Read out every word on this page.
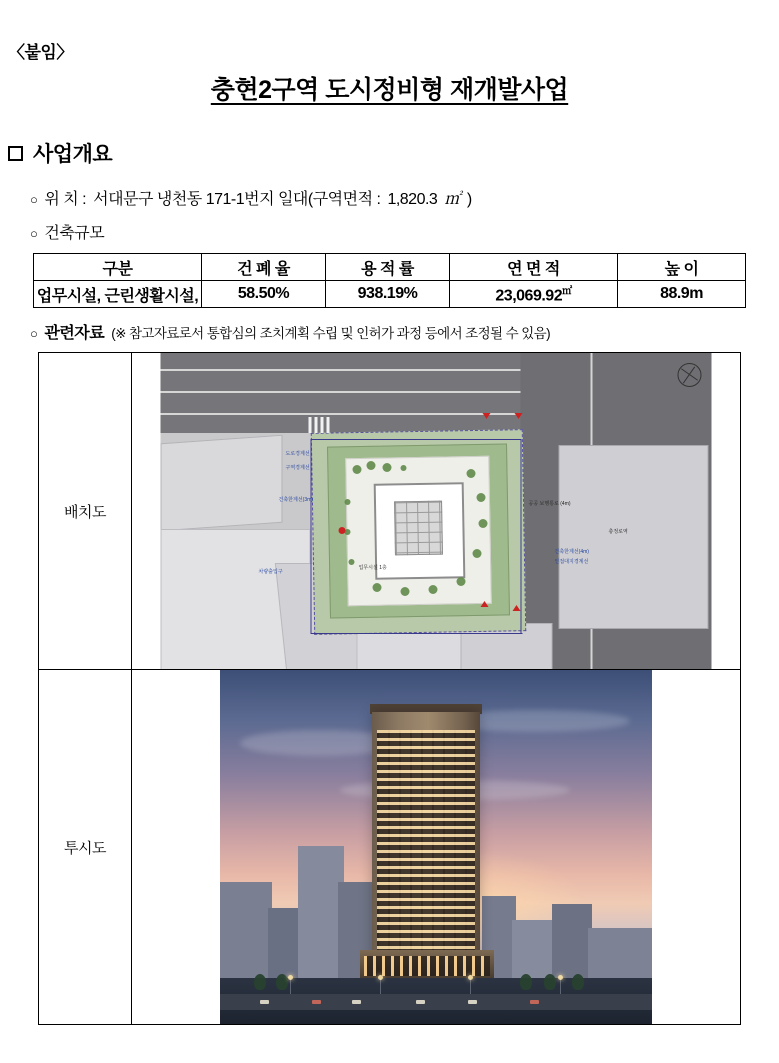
〈붙임〉
충현2구역 도시정비형 재개발사업
사업개요
○ 위 치 : 서대문구 냉천동 171-1번지 일대(구역면적 : 1,820.3 ㎡ )
○ 건축규모
구분	건 폐 율	용 적 률	연 면 적	높 이
업무시설, 근린생활시설,	58.50%	938.19%	23,069.92㎡	88.9m
○ 관련자료 (※ 참고자료로서 통합심의 조치계획 수립 및 인허가 과정 등에서 조정될 수 있음)
배치도	
충정로역
도로경계선
구역경계선
건축한계선(3m)
차량출입구
업무시설 1층
공공 보행통로 (4m)
건축한계선(4m)
인접대지경계선

투시도	
